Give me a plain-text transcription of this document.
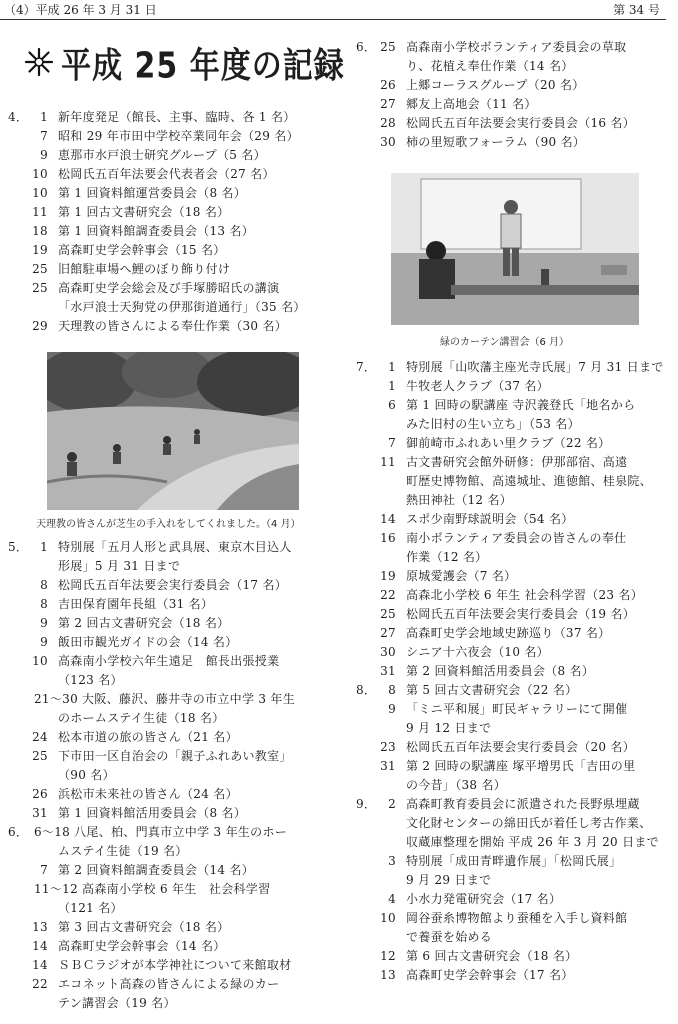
（4）平成 26 年 3 月 31 日	第 34 号
平成 25 年度の記録
4． 1 新年度発足（館長、主事、臨時、各 1 名）
7 昭和 29 年市田中学校卒業同年会（29 名）
9 恵那市水戸浪士研究グループ（5 名）
10 松岡氏五百年法要会代表者会（27 名）
10 第 1 回資料館運営委員会（8 名）
11 第 1 回古文書研究会（18 名）
18 第 1 回資料館調査委員会（13 名）
19 高森町史学会幹事会（15 名）
25 旧館駐車場へ鯉のぼり飾り付け
25 高森町史学会総会及び手塚勝昭氏の講演
「水戸浪士天狗党の伊那街道通行」（35 名）
29 天理教の皆さんによる奉仕作業（30 名）
天理教の皆さんが芝生の手入れをしてくれました。（4 月）
5． 1 特別展「五月人形と武具展、東京木目込人
形展」5 月 31 日まで
8 松岡氏五百年法要会実行委員会（17 名）
8 吉田保育園年長組（31 名）
9 第 2 回古文書研究会（18 名）
9 飯田市観光ガイドの会（14 名）
10 高森南小学校六年生遠足　館長出張授業
（123 名）
21～30 大阪、藤沢、藤井寺の市立中学 3 年生
のホームステイ生徒（18 名）
24 松本市道の旅の皆さん（21 名）
25 下市田一区自治会の「親子ふれあい教室」
（90 名）
26 浜松市未来社の皆さん（24 名）
31 第 1 回資料館活用委員会（8 名）
6． 6～18 八尾、柏、門真市立中学 3 年生のホー
ムステイ生徒（19 名）
7 第 2 回資料館調査委員会（14 名）
11～12 高森南小学校 6 年生　社会科学習
（121 名）
13 第 3 回古文書研究会（18 名）
14 高森町史学会幹事会（14 名）
14 ＳＢＣラジオが本学神社について来館取材
22 エコネット高森の皆さんによる緑のカー
テン講習会（19 名）
6． 25 高森南小学校ボランティア委員会の草取
り、花植え奉仕作業（14 名）
26 上郷コーラスグループ（20 名）
27 郷友上高地会（11 名）
28 松岡氏五百年法要会実行委員会（16 名）
30 柿の里短歌フォーラム（90 名）
緑のカーテン講習会（6 月）
7． 1 特別展「山吹藩主座光寺氏展」7 月 31 日まで
1 牛牧老人クラブ（37 名）
6 第 1 回時の駅講座 寺沢義登氏「地名から
みた旧村の生い立ち」（53 名）
7 御前崎市ふれあい里クラブ（22 名）
11 古文書研究会館外研修：伊那部宿、高遠
町歴史博物館、高遠城址、進徳館、桂泉院、
熱田神社（12 名）
14 スポ少南野球説明会（54 名）
16 南小ボランティア委員会の皆さんの奉仕
作業（12 名）
19 原城愛護会（7 名）
22 高森北小学校 6 年生 社会科学習（23 名）
25 松岡氏五百年法要会実行委員会（19 名）
27 高森町史学会地域史跡巡り（37 名）
30 シニア十六夜会（10 名）
31 第 2 回資料館活用委員会（8 名）
8． 8 第 5 回古文書研究会（22 名）
9 「ミニ平和展」町民ギャラリーにて開催
9 月 12 日まで
23 松岡氏五百年法要会実行委員会（20 名）
31 第 2 回時の駅講座 塚平增男氏「吉田の里
の今昔」（38 名）
9． 2 高森町教育委員会に派遣された長野県埋蔵
文化財センターの綿田氏が着任し考古作業、
収蔵庫整理を開始 平成 26 年 3 月 20 日まで
3 特別展「成田青畔遺作展」「松岡氏展」
9 月 29 日まで
4 小水力発電研究会（17 名）
10 岡谷蚕糸博物館より蚕種を入手し資料館
で養蚕を始める
12 第 6 回古文書研究会（18 名）
13 高森町史学会幹事会（17 名）
